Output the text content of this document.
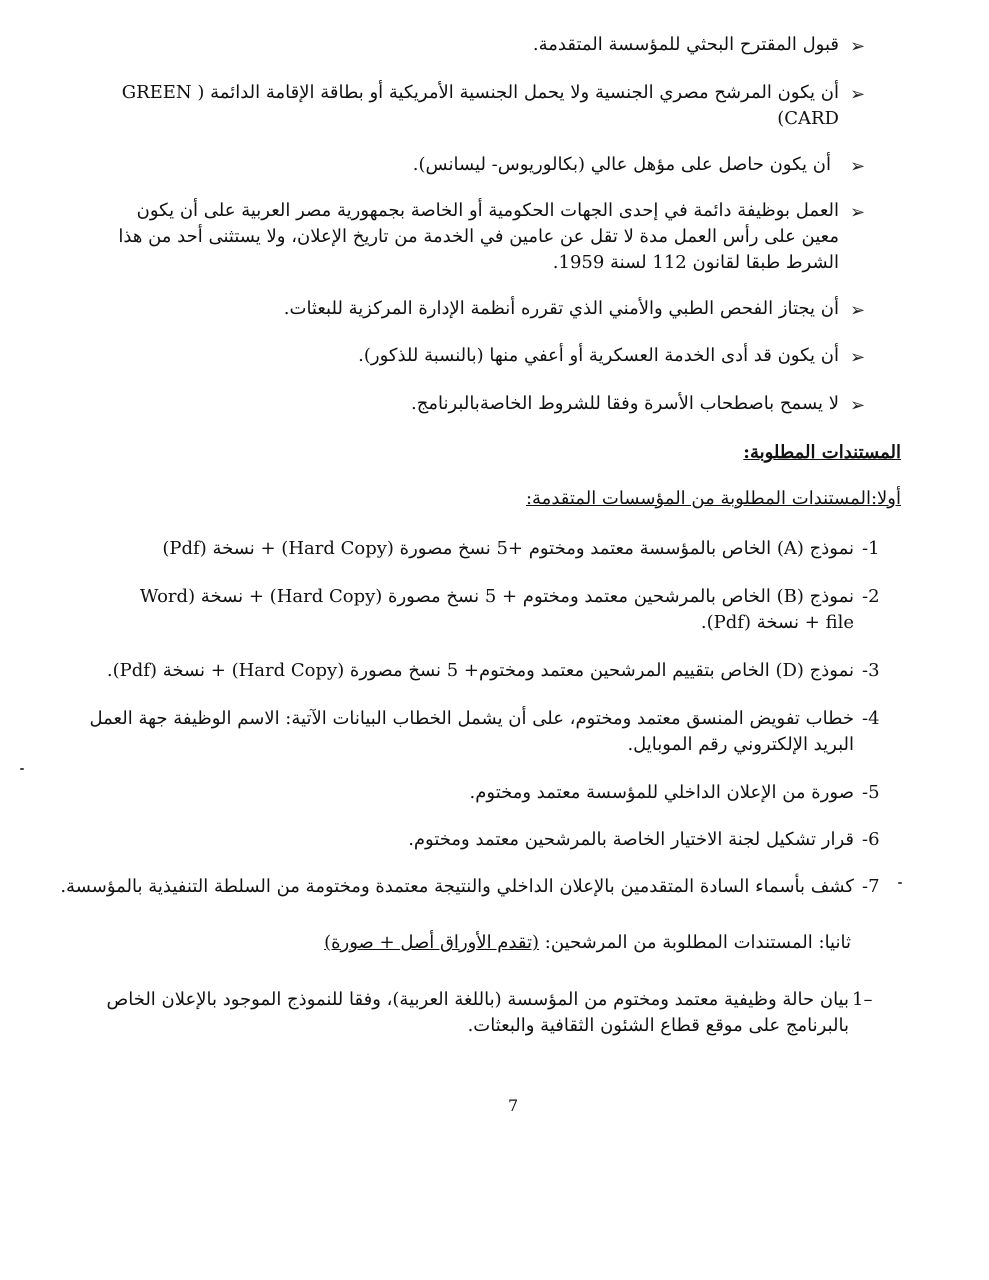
➢
قبول المقترح البحثي للمؤسسة المتقدمة.
➢
أن يكون المرشح مصري الجنسية ولا يحمل الجنسية الأمريكية أو بطاقة الإقامة الدائمة ( GREEN
CARD)
➢
أن يكون حاصل على مؤهل عالي (بكالوريوس- ليسانس).
➢
العمل بوظيفة دائمة في إحدى الجهات الحكومية أو الخاصة بجمهورية مصر العربية على أن يكون
معين على رأس العمل مدة لا تقل عن عامين في الخدمة من تاريخ الإعلان، ولا يستثنى أحد من هذا
الشرط طبقا لقانون 112 لسنة 1959.
➢
أن يجتاز الفحص الطبي والأمني الذي تقرره أنظمة الإدارة المركزية للبعثات.
➢
أن يكون قد أدى الخدمة العسكرية أو أعفي منها (بالنسبة للذكور).
➢
لا يسمح باصطحاب الأسرة وفقا للشروط الخاصةبالبرنامج.
المستندات المطلوبة:
أولا:المستندات المطلوبة من المؤسسات المتقدمة:
-1
نموذج (A) الخاص بالمؤسسة معتمد ومختوم +5 نسخ مصورة (Hard Copy) + نسخة (Pdf)
-2
نموذج (B) الخاص بالمرشحين معتمد ومختوم + 5 نسخ مصورة (Hard Copy) + نسخة (Word
file + نسخة (Pdf).
-3
نموذج (D) الخاص بتقييم المرشحين معتمد ومختوم+ 5 نسخ مصورة (Hard Copy) + نسخة (Pdf).
-4
خطاب تفويض المنسق معتمد ومختوم، على أن يشمل الخطاب البيانات الآتية: الاسم الوظيفة جهة العمل
البريد الإلكتروني رقم الموبايل.
-5
صورة من الإعلان الداخلي للمؤسسة معتمد ومختوم.
-6
قرار تشكيل لجنة الاختيار الخاصة بالمرشحين معتمد ومختوم.
-7
كشف بأسماء السادة المتقدمين بالإعلان الداخلي والنتيجة معتمدة ومختومة من السلطة التنفيذية بالمؤسسة.
ثانيا: المستندات المطلوبة من المرشحين: (تقدم الأوراق أصل + صورة)
1–
بيان حالة وظيفية معتمد ومختوم من المؤسسة (باللغة العربية)، وفقا للنموذج الموجود بالإعلان الخاص
بالبرنامج على موقع قطاع الشئون الثقافية والبعثات.
7
